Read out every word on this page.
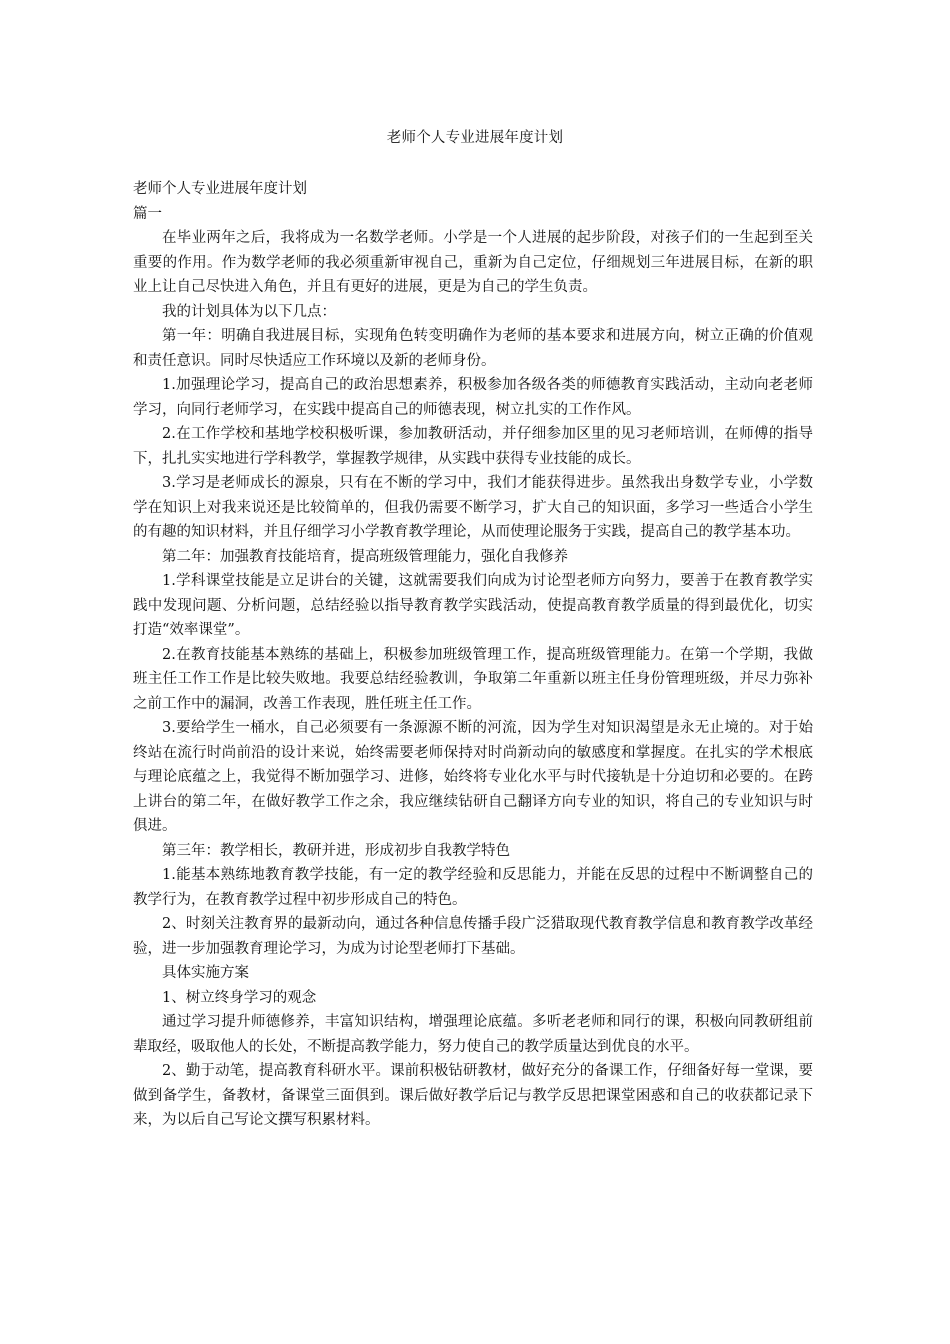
老师个人专业进展年度计划

老师个人专业进展年度计划

篇一

在毕业两年之后，我将成为一名数学老师。小学是一个人进展的起步阶段，对孩子们的一生起到至关重要的作用。作为数学老师的我必须重新审视自己，重新为自己定位，仔细规划三年进展目标，在新的职业上让自己尽快进入角色，并且有更好的进展，更是为自己的学生负责。

我的计划具体为以下几点：

第一年：明确自我进展目标，实现角色转变明确作为老师的基本要求和进展方向，树立正确的价值观和责任意识。同时尽快适应工作环境以及新的老师身份。

1.加强理论学习，提高自己的政治思想素养，积极参加各级各类的师德教育实践活动，主动向老老师学习，向同行老师学习，在实践中提高自己的师德表现，树立扎实的工作作风。

2.在工作学校和基地学校积极听课，参加教研活动，并仔细参加区里的见习老师培训，在师傅的指导下，扎扎实实地进行学科教学，掌握教学规律，从实践中获得专业技能的成长。

3.学习是老师成长的源泉，只有在不断的学习中，我们才能获得进步。虽然我出身数学专业，小学数学在知识上对我来说还是比较简单的，但我仍需要不断学习，扩大自己的知识面，多学习一些适合小学生的有趣的知识材料，并且仔细学习小学教育教学理论，从而使理论服务于实践，提高自己的教学基本功。

第二年：加强教育技能培育，提高班级管理能力，强化自我修养

1.学科课堂技能是立足讲台的关键，这就需要我们向成为讨论型老师方向努力，要善于在教育教学实践中发现问题、分析问题，总结经验以指导教育教学实践活动，使提高教育教学质量的得到最优化，切实打造“效率课堂”。

2.在教育技能基本熟练的基础上，积极参加班级管理工作，提高班级管理能力。在第一个学期，我做班主任工作工作是比较失败地。我要总结经验教训，争取第二年重新以班主任身份管理班级，并尽力弥补之前工作中的漏洞，改善工作表现，胜任班主任工作。

3.要给学生一桶水，自己必须要有一条源源不断的河流，因为学生对知识渴望是永无止境的。对于始终站在流行时尚前沿的设计来说，始终需要老师保持对时尚新动向的敏感度和掌握度。在扎实的学术根底与理论底蕴之上，我觉得不断加强学习、进修，始终将专业化水平与时代接轨是十分迫切和必要的。在跨上讲台的第二年，在做好教学工作之余，我应继续钻研自己翻译方向专业的知识，将自己的专业知识与时俱进。

第三年：教学相长，教研并进，形成初步自我教学特色

1.能基本熟练地教育教学技能，有一定的教学经验和反思能力，并能在反思的过程中不断调整自己的教学行为，在教育教学过程中初步形成自己的特色。

2、时刻关注教育界的最新动向，通过各种信息传播手段广泛猎取现代教育教学信息和教育教学改革经验，进一步加强教育理论学习，为成为讨论型老师打下基础。

具体实施方案

1、树立终身学习的观念

通过学习提升师德修养，丰富知识结构，增强理论底蕴。多听老老师和同行的课，积极向同教研组前辈取经，吸取他人的长处，不断提高教学能力，努力使自己的教学质量达到优良的水平。

2、勤于动笔，提高教育科研水平。课前积极钻研教材，做好充分的备课工作，仔细备好每一堂课，要做到备学生，备教材，备课堂三面俱到。课后做好教学后记与教学反思把课堂困惑和自己的收获都记录下来，为以后自己写论文撰写积累材料。
